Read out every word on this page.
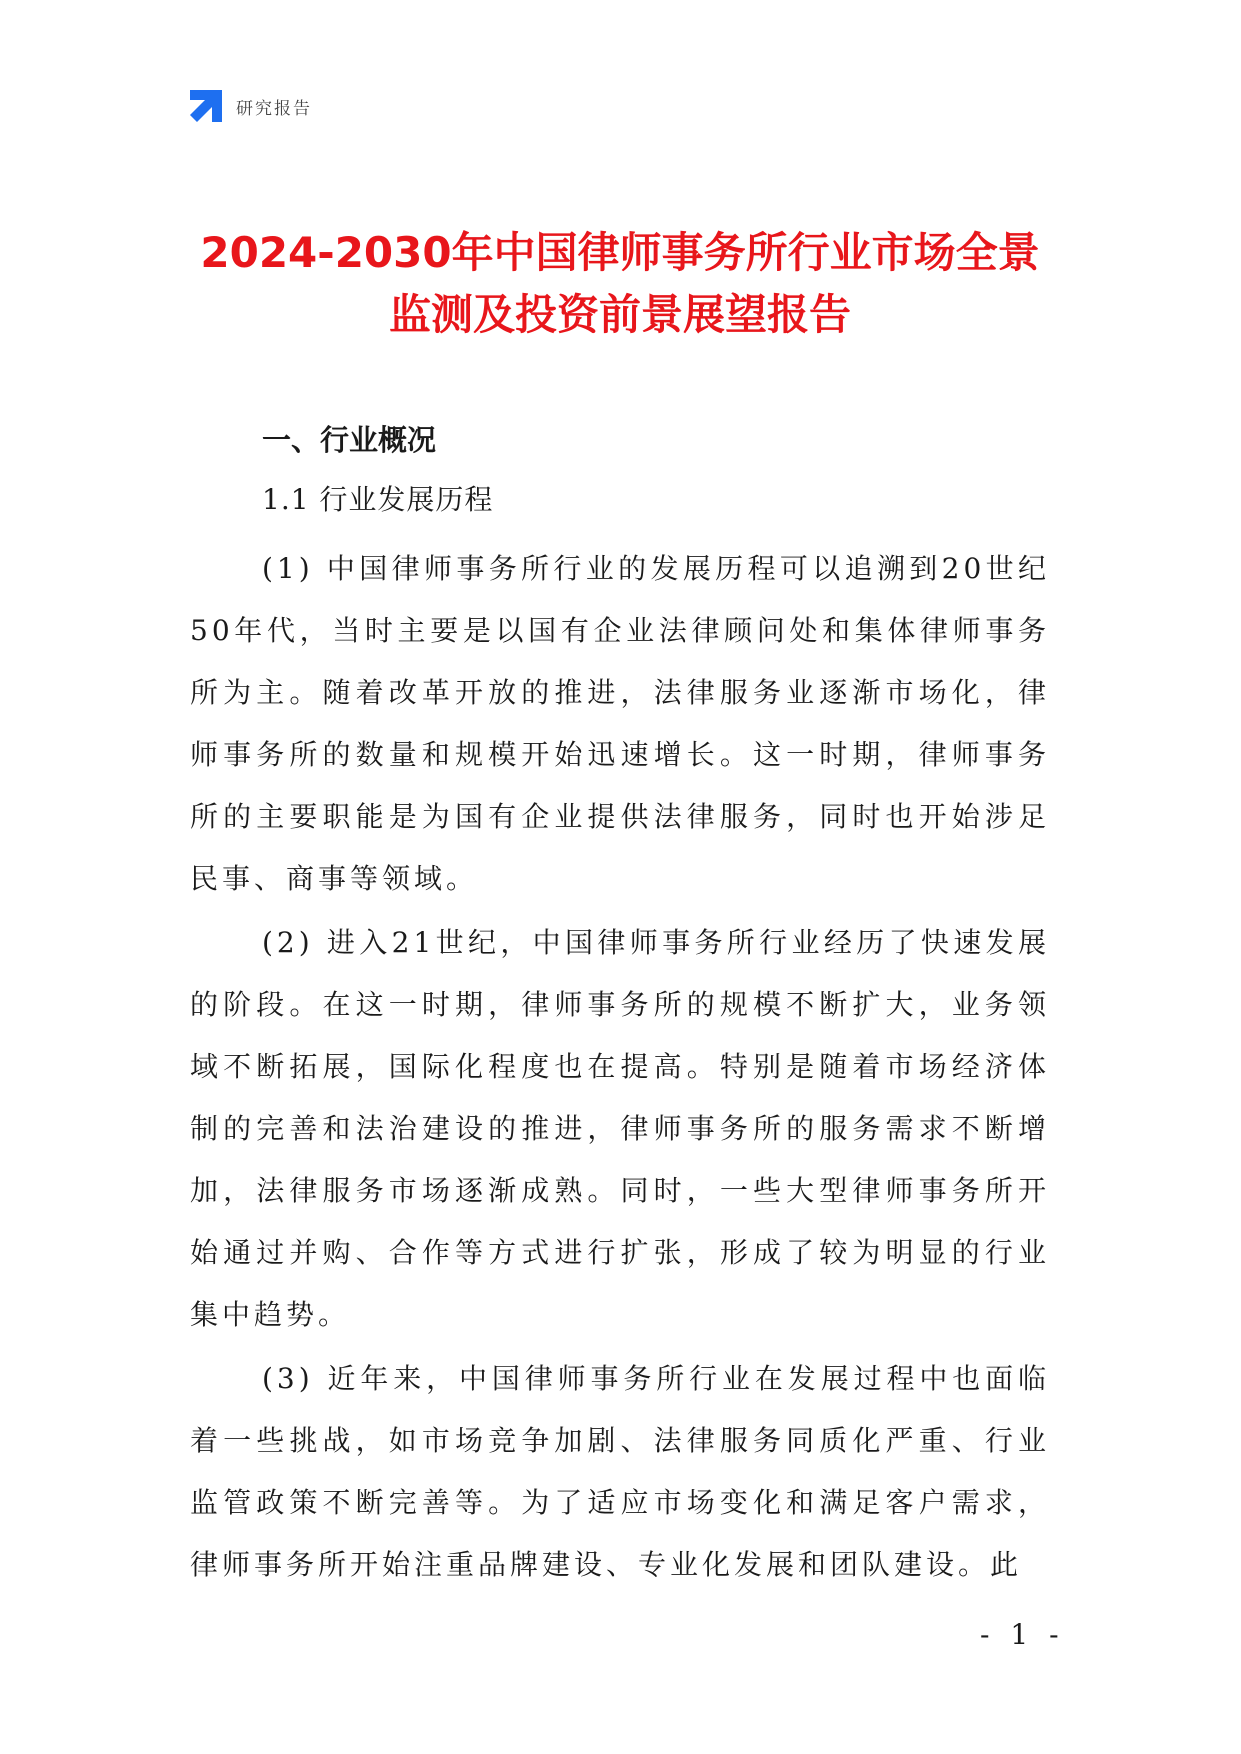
研究报告
2024-2030年中国律师事务所行业市场全景
监测及投资前景展望报告
一、行业概况
1.1 行业发展历程

(1) 中国律师事务所行业的发展历程可以追溯到20世纪50年代，当时主要是以国有企业法律顾问处和集体律师事务所为主。随着改革开放的推进，法律服务业逐渐市场化，律师事务所的数量和规模开始迅速增长。这一时期，律师事务所的主要职能是为国有企业提供法律服务，同时也开始涉足民事、商事等领域。

(2) 进入21世纪，中国律师事务所行业经历了快速发展的阶段。在这一时期，律师事务所的规模不断扩大，业务领域不断拓展，国际化程度也在提高。特别是随着市场经济体制的完善和法治建设的推进，律师事务所的服务需求不断增加，法律服务市场逐渐成熟。同时，一些大型律师事务所开始通过并购、合作等方式进行扩张，形成了较为明显的行业集中趋势。

(3) 近年来，中国律师事务所行业在发展过程中也面临着一些挑战，如市场竞争加剧、法律服务同质化严重、行业监管政策不断完善等。为了适应市场变化和满足客户需求，律师事务所开始注重品牌建设、专业化发展和团队建设。此

- 1 -
